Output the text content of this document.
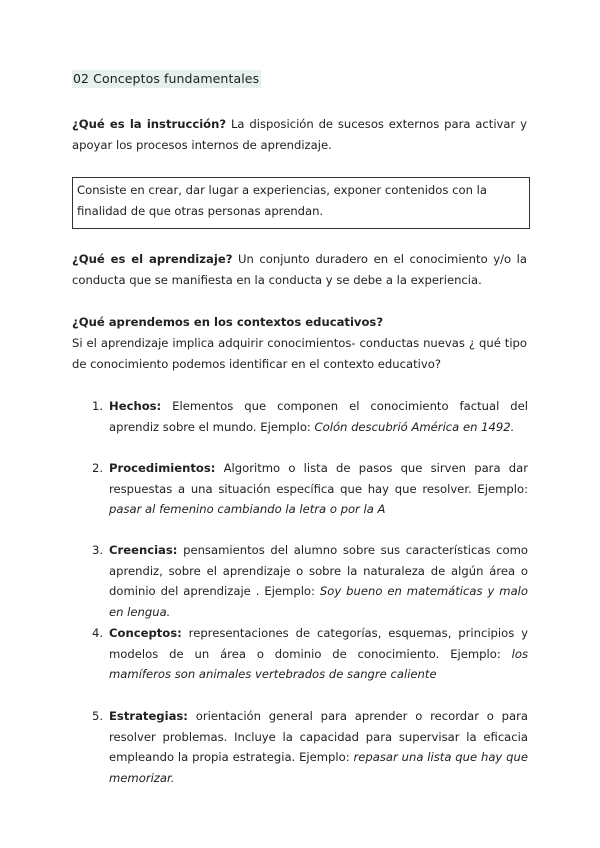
02 Conceptos fundamentales
¿Qué es la instrucción? La disposición de sucesos externos para activar y apoyar los procesos internos de aprendizaje.
Consiste en crear, dar lugar a experiencias, exponer contenidos con la finalidad de que otras personas aprendan.
¿Qué es el aprendizaje? Un conjunto duradero en el conocimiento y/o la conducta que se manifiesta en la conducta y se debe a la experiencia.
¿Qué aprendemos en los contextos educativos?
Si el aprendizaje implica adquirir conocimientos- conductas nuevas ¿ qué tipo de conocimiento podemos identificar en el contexto educativo?
1. Hechos: Elementos que componen el conocimiento factual del aprendiz sobre el mundo. Ejemplo: Colón descubrió América en 1492.
2. Procedimientos: Algoritmo o lista de pasos que sirven para dar respuestas a una situación específica que hay que resolver. Ejemplo: pasar al femenino cambiando la letra o por la A
3. Creencias: pensamientos del alumno sobre sus características como aprendiz, sobre el aprendizaje o sobre la naturaleza de algún área o dominio del aprendizaje . Ejemplo: Soy bueno en matemáticas y malo en lengua.
4. Conceptos: representaciones de categorías, esquemas, principios y modelos de un área o dominio de conocimiento. Ejemplo: los mamíferos son animales vertebrados de sangre caliente
5. Estrategias: orientación general para aprender o recordar o para resolver problemas. Incluye la capacidad para supervisar la eficacia empleando la propia estrategia. Ejemplo: repasar una lista que hay que memorizar.
